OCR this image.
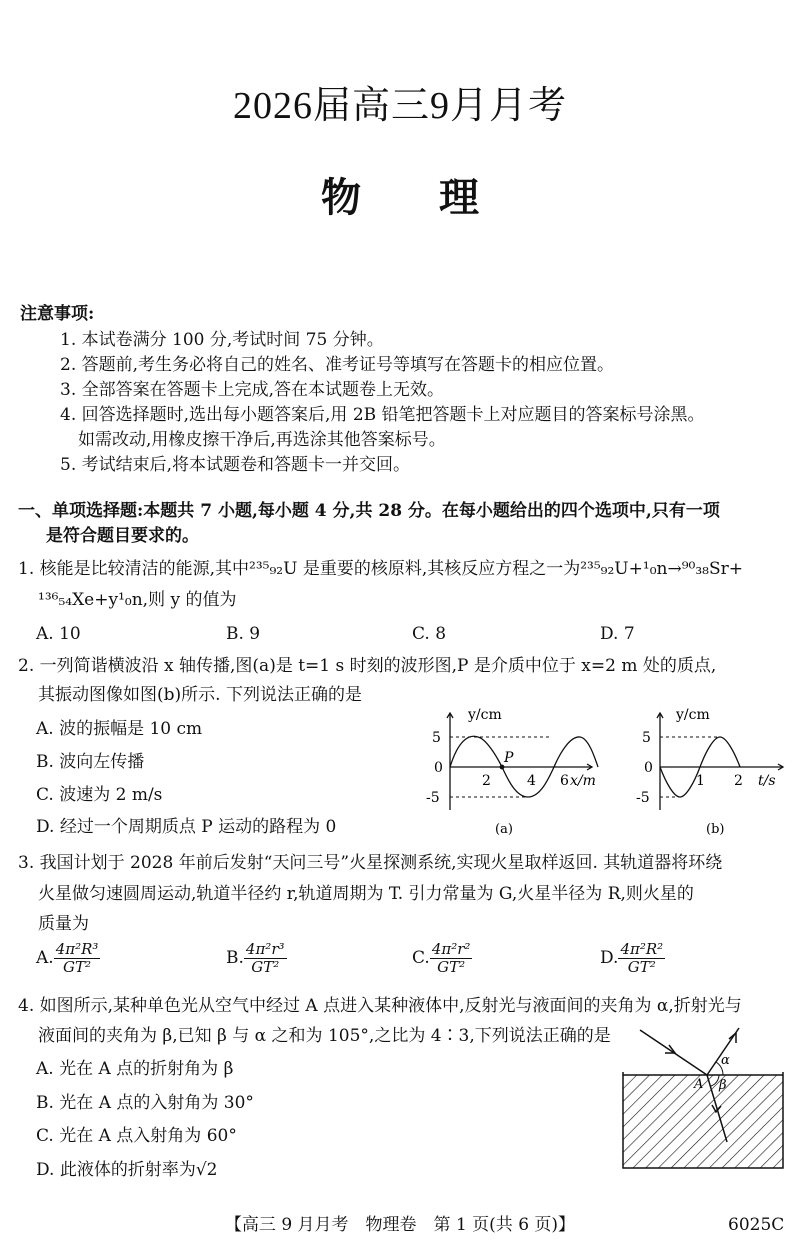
2026届高三9月月考
物理
注意事项:
1. 本试卷满分 100 分,考试时间 75 分钟。
2. 答题前,考生务必将自己的姓名、准考证号等填写在答题卡的相应位置。
3. 全部答案在答题卡上完成,答在本试题卷上无效。
4. 回答选择题时,选出每小题答案后,用 2B 铅笔把答题卡上对应题目的答案标号涂黑。
如需改动,用橡皮擦干净后,再选涂其他答案标号。
5. 考试结束后,将本试题卷和答题卡一并交回。
一、单项选择题:本题共 7 小题,每小题 4 分,共 28 分。在每小题给出的四个选项中,只有一项
是符合题目要求的。
1. 核能是比较清洁的能源,其中²³⁵₉₂U 是重要的核原料,其核反应方程之一为²³⁵₉₂U+¹₀n→⁹⁰₃₈Sr+
¹³⁶₅₄Xe+y¹₀n,则 y 的值为
A. 10	B. 9	C. 8	D. 7
2. 一列简谐横波沿 x 轴传播,图(a)是 t=1 s 时刻的波形图,P 是介质中位于 x=2 m 处的质点,
其振动图像如图(b)所示. 下列说法正确的是
A. 波的振幅是 10 cm
B. 波向左传播
C. 波速为 2 m/s
D. 经过一个周期质点 P 运动的路程为 0
y/cm
5
0
-5
P
2	4 6 x/m
(a)
y/cm
5
0
-5
1 2 t/s
(b)
3. 我国计划于 2028 年前后发射“天问三号”火星探测系统,实现火星取样返回. 其轨道器将环绕
火星做匀速圆周运动,轨道半径约 r,轨道周期为 T. 引力常量为 G,火星半径为 R,则火星的
质量为
A. $\frac{\text{4π²R³}}{\text{GT²}}$	B. $\frac{\text{4π²r³}}{\text{GT²}}$	C. $\frac{\text{4π²r²}}{\text{GT²}}$	D. $\frac{\text{4π²R²}}{\text{GT²}}$
4. 如图所示,某种单色光从空气中经过 A 点进入某种液体中,反射光与液面间的夹角为 α,折射光与
液面间的夹角为 β,已知 β 与 α 之和为 105°,之比为 4∶3,下列说法正确的是
A. 光在 A 点的折射角为 β
B. 光在 A 点的入射角为 30°
C. 光在 A 点入射角为 60°
D. 此液体的折射率为√2
α
β
A
【高三 9 月月考　物理卷　第 1 页(共 6 页)】	6025C
